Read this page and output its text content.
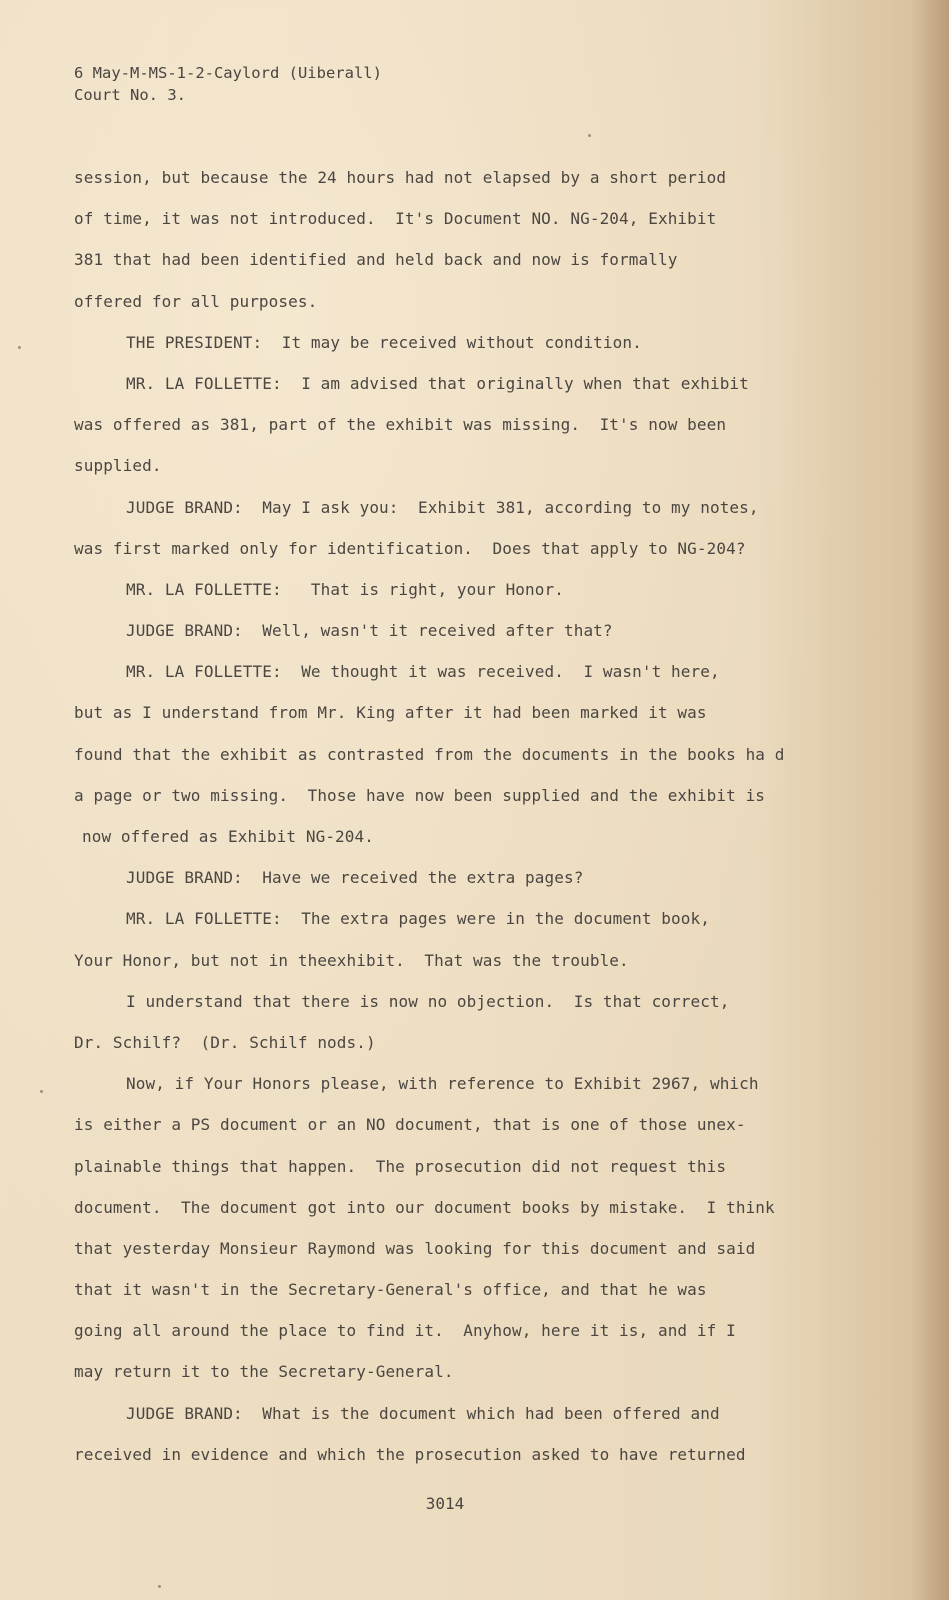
6 May-M-MS-1-2-Caylord (Uiberall)
Court No. 3.
session, but because the 24 hours had not elapsed by a short period
of time, it was not introduced.  It's Document NO. NG-204, Exhibit
381 that had been identified and held back and now is formally
offered for all purposes.
THE PRESIDENT:  It may be received without condition.
MR. LA FOLLETTE:  I am advised that originally when that exhibit
was offered as 381, part of the exhibit was missing.  It's now been
supplied.
JUDGE BRAND:  May I ask you:  Exhibit 381, according to my notes,
was first marked only for identification.  Does that apply to NG-204?
MR. LA FOLLETTE:   That is right, your Honor.
JUDGE BRAND:  Well, wasn't it received after that?
MR. LA FOLLETTE:  We thought it was received.  I wasn't here,
but as I understand from Mr. King after it had been marked it was
found that the exhibit as contrasted from the documents in the books ha d
a page or two missing.  Those have now been supplied and the exhibit is
now offered as Exhibit NG-204.
JUDGE BRAND:  Have we received the extra pages?
MR. LA FOLLETTE:  The extra pages were in the document book,
Your Honor, but not in theexhibit.  That was the trouble.
I understand that there is now no objection.  Is that correct,
Dr. Schilf?  (Dr. Schilf nods.)
Now, if Your Honors please, with reference to Exhibit 2967, which
is either a PS document or an NO document, that is one of those unex-
plainable things that happen.  The prosecution did not request this
document.  The document got into our document books by mistake.  I think
that yesterday Monsieur Raymond was looking for this document and said
that it wasn't in the Secretary-General's office, and that he was
going all around the place to find it.  Anyhow, here it is, and if I
may return it to the Secretary-General.
JUDGE BRAND:  What is the document which had been offered and
received in evidence and which the prosecution asked to have returned
3014
